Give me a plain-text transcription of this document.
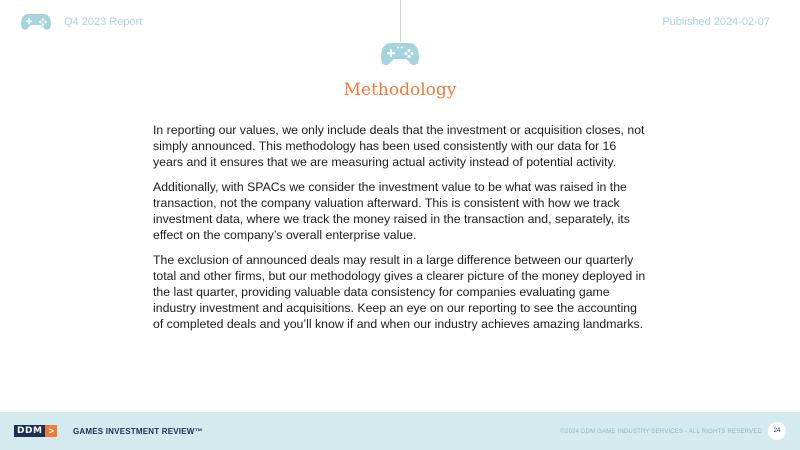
Q4 2023 Report	Published 2024-02-07
Methodology

In reporting our values, we only include deals that the investment or acquisition closes, not simply announced. This methodology has been used consistently with our data for 16 years and it ensures that we are measuring actual activity instead of potential activity.

Additionally, with SPACs we consider the investment value to be what was raised in the transaction, not the company valuation afterward. This is consistent with how we track investment data, where we track the money raised in the transaction and, separately, its effect on the company’s overall enterprise value.

The exclusion of announced deals may result in a large difference between our quarterly total and other firms, but our methodology gives a clearer picture of the money deployed in the last quarter, providing valuable data consistency for companies evaluating game industry investment and acquisitions. Keep an eye on our reporting to see the accounting of completed deals and you’ll know if and when our industry achieves amazing landmarks.

DDM >	GAMES INVESTMENT REVIEW™	©2024 DDM GAME INDUSTRY SERVICES - ALL RIGHTS RESERVED	24
